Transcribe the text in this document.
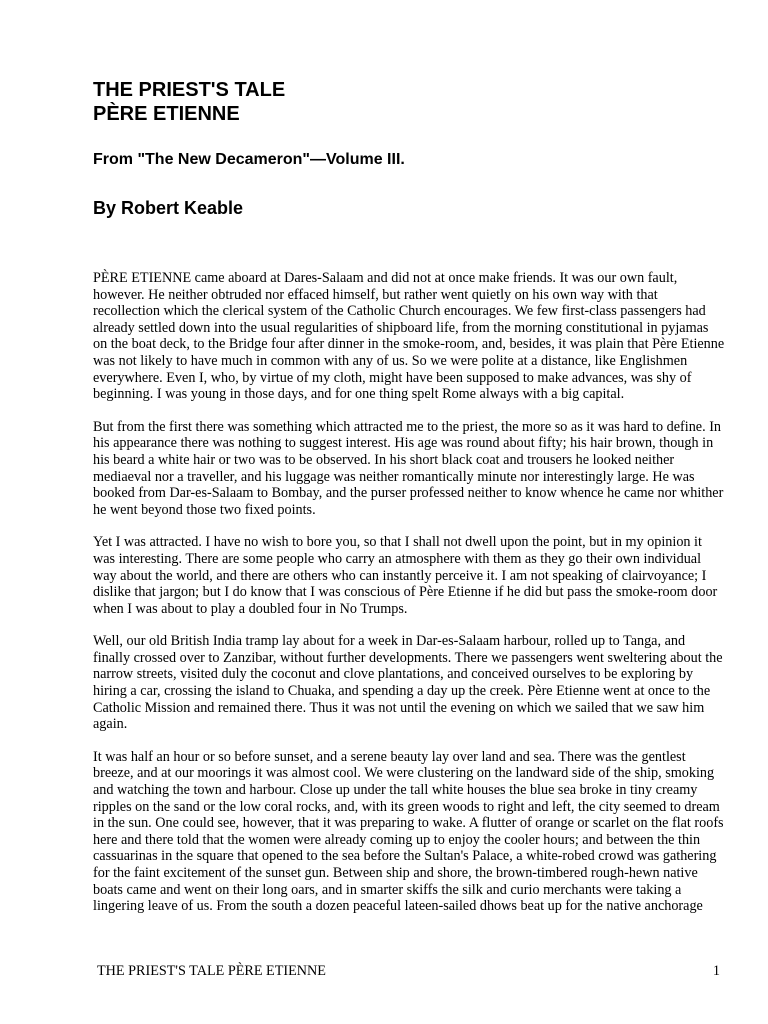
THE PRIEST'S TALE
PÈRE ETIENNE
From "The New Decameron"—Volume III.
By Robert Keable

PÈRE ETIENNE came aboard at Dares-Salaam and did not at once make friends. It was our own fault, however. He neither obtruded nor effaced himself, but rather went quietly on his own way with that recollection which the clerical system of the Catholic Church encourages. We few first-class passengers had already settled down into the usual regularities of shipboard life, from the morning constitutional in pyjamas on the boat deck, to the Bridge four after dinner in the smoke-room, and, besides, it was plain that Père Etienne was not likely to have much in common with any of us. So we were polite at a distance, like Englishmen everywhere. Even I, who, by virtue of my cloth, might have been supposed to make advances, was shy of beginning. I was young in those days, and for one thing spelt Rome always with a big capital.

But from the first there was something which attracted me to the priest, the more so as it was hard to define. In his appearance there was nothing to suggest interest. His age was round about fifty; his hair brown, though in his beard a white hair or two was to be observed. In his short black coat and trousers he looked neither mediaeval nor a traveller, and his luggage was neither romantically minute nor interestingly large. He was booked from Dar-es-Salaam to Bombay, and the purser professed neither to know whence he came nor whither he went beyond those two fixed points.

Yet I was attracted. I have no wish to bore you, so that I shall not dwell upon the point, but in my opinion it was interesting. There are some people who carry an atmosphere with them as they go their own individual way about the world, and there are others who can instantly perceive it. I am not speaking of clairvoyance; I dislike that jargon; but I do know that I was conscious of Père Etienne if he did but pass the smoke-room door when I was about to play a doubled four in No Trumps.

Well, our old British India tramp lay about for a week in Dar-es-Salaam harbour, rolled up to Tanga, and finally crossed over to Zanzibar, without further developments. There we passengers went sweltering about the narrow streets, visited duly the coconut and clove plantations, and conceived ourselves to be exploring by hiring a car, crossing the island to Chuaka, and spending a day up the creek. Père Etienne went at once to the Catholic Mission and remained there. Thus it was not until the evening on which we sailed that we saw him again.

It was half an hour or so before sunset, and a serene beauty lay over land and sea. There was the gentlest breeze, and at our moorings it was almost cool. We were clustering on the landward side of the ship, smoking and watching the town and harbour. Close up under the tall white houses the blue sea broke in tiny creamy ripples on the sand or the low coral rocks, and, with its green woods to right and left, the city seemed to dream in the sun. One could see, however, that it was preparing to wake. A flutter of orange or scarlet on the flat roofs here and there told that the women were already coming up to enjoy the cooler hours; and between the thin cassuarinas in the square that opened to the sea before the Sultan's Palace, a white-robed crowd was gathering for the faint excitement of the sunset gun. Between ship and shore, the brown-timbered rough-hewn native boats came and went on their long oars, and in smarter skiffs the silk and curio merchants were taking a lingering leave of us. From the south a dozen peaceful lateen-sailed dhows beat up for the native anchorage

THE PRIEST'S TALE PÈRE ETIENNE	1
